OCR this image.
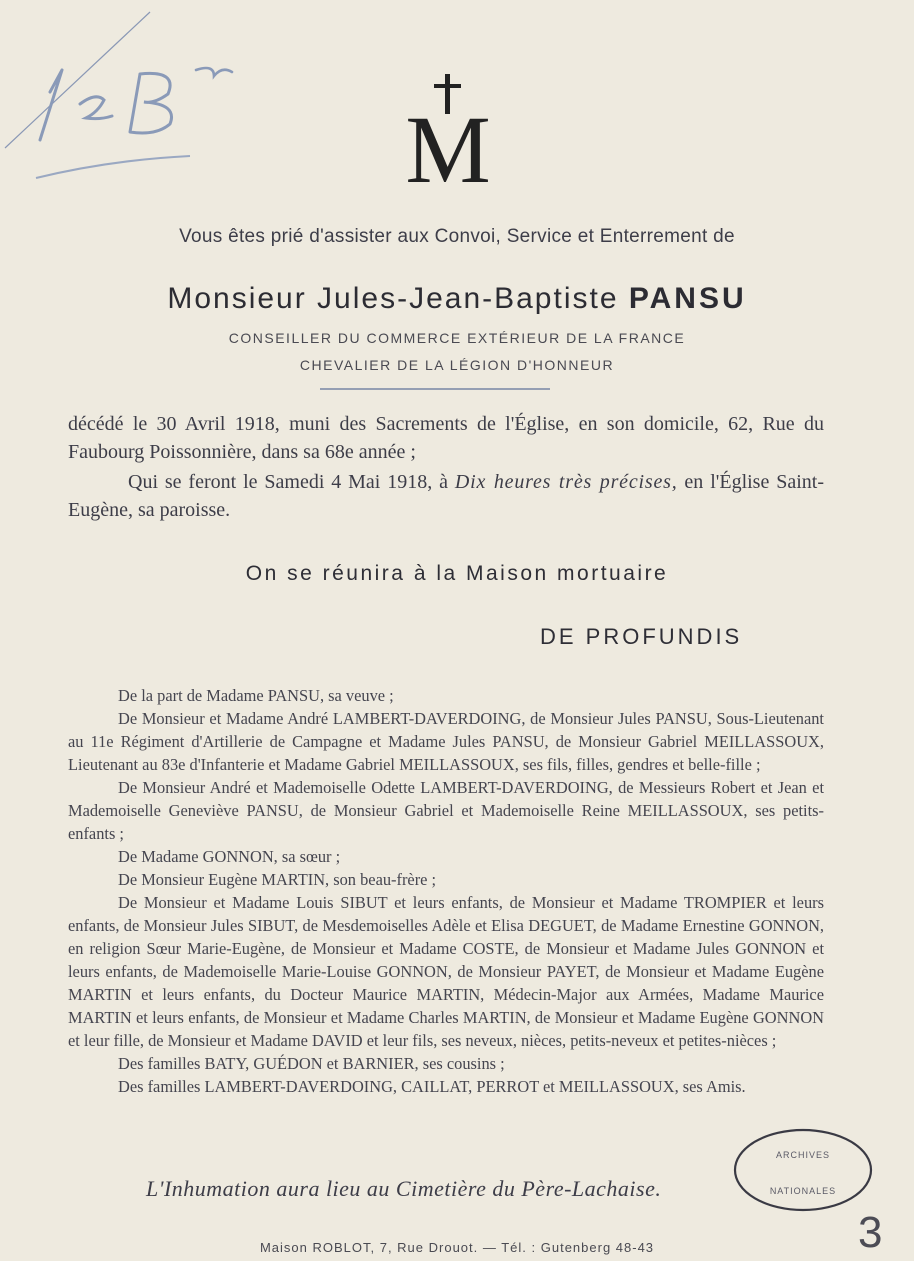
M
Vous êtes prié d'assister aux Convoi, Service et Enterrement de
Monsieur Jules-Jean-Baptiste PANSU
CONSEILLER DU COMMERCE EXTÉRIEUR DE LA FRANCE
CHEVALIER DE LA LÉGION D'HONNEUR
décédé le 30 Avril 1918, muni des Sacrements de l'Église, en son domicile, 62, Rue du Faubourg Poissonnière, dans sa 68e année ;
Qui se feront le Samedi 4 Mai 1918, à Dix heures très précises, en l'Église Saint-Eugène, sa paroisse.
On se réunira à la Maison mortuaire
DE PROFUNDIS

De la part de Madame PANSU, sa veuve ;

De Monsieur et Madame André LAMBERT-DAVERDOING, de Monsieur Jules PANSU, Sous-Lieutenant au 11e Régiment d'Artillerie de Campagne et Madame Jules PANSU, de Monsieur Gabriel MEILLASSOUX, Lieutenant au 83e d'Infanterie et Madame Gabriel MEILLASSOUX, ses fils, filles, gendres et belle-fille ;

De Monsieur André et Mademoiselle Odette LAMBERT-DAVERDOING, de Messieurs Robert et Jean et Mademoiselle Geneviève PANSU, de Monsieur Gabriel et Mademoiselle Reine MEILLASSOUX, ses petits-enfants ;

De Madame GONNON, sa sœur ;

De Monsieur Eugène MARTIN, son beau-frère ;

De Monsieur et Madame Louis SIBUT et leurs enfants, de Monsieur et Madame TROMPIER et leurs enfants, de Monsieur Jules SIBUT, de Mesdemoiselles Adèle et Elisa DEGUET, de Madame Ernestine GONNON, en religion Sœur Marie-Eugène, de Monsieur et Madame COSTE, de Monsieur et Madame Jules GONNON et leurs enfants, de Mademoiselle Marie-Louise GONNON, de Monsieur PAYET, de Monsieur et Madame Eugène MARTIN et leurs enfants, du Docteur Maurice MARTIN, Médecin-Major aux Armées, Madame Maurice MARTIN et leurs enfants, de Monsieur et Madame Charles MARTIN, de Monsieur et Madame Eugène GONNON et leur fille, de Monsieur et Madame DAVID et leur fils, ses neveux, nièces, petits-neveux et petites-nièces ;

Des familles BATY, GUÉDON et BARNIER, ses cousins ;

Des familles LAMBERT-DAVERDOING, CAILLAT, PERROT et MEILLASSOUX, ses Amis.

L'Inhumation aura lieu au Cimetière du Père-Lachaise.
ARCHIVES
NATIONALES
Maison ROBLOT, 7, Rue Drouot. — Tél. : Gutenberg 48-43	3
